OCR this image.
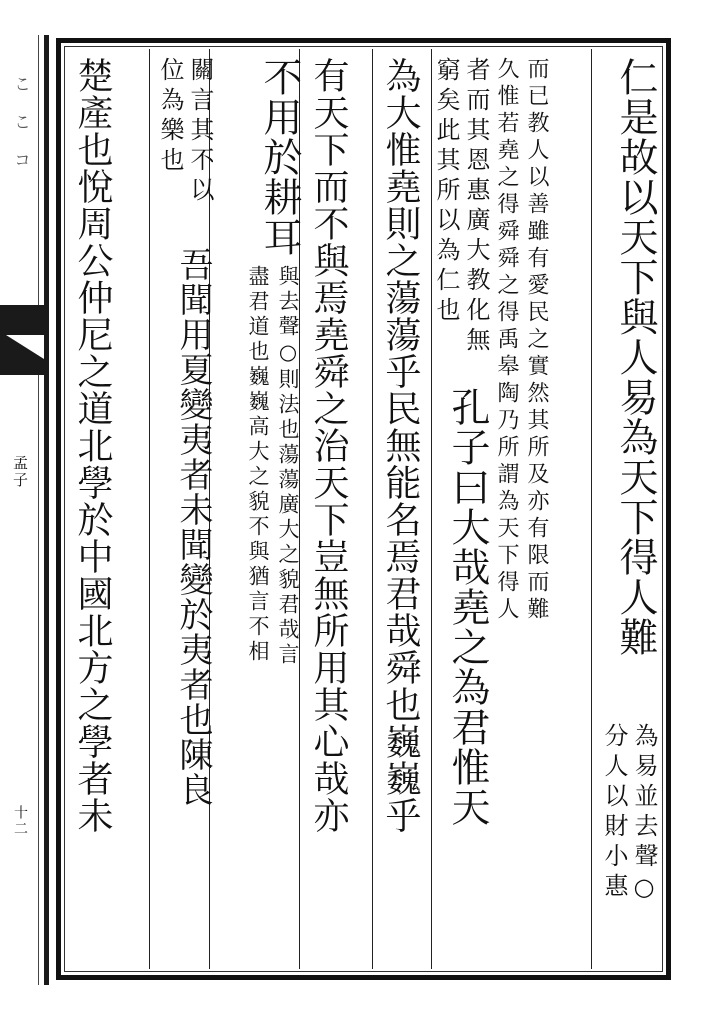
こ　こ　コ
孟子
十二
仁是故以天下與人易為天下得人難
為易並去聲○
分人以財小惠
而已教人以善雖有愛民之實然其所及亦有限而難
久惟若堯之得舜舜之得禹皋陶乃所謂為天下得人
者而其恩惠廣大教化無
窮矣此其所以為仁也
孔子曰大哉堯之為君惟天
為大惟堯則之蕩蕩乎民無能名焉君哉舜也巍巍乎
有天下而不與焉堯舜之治天下豈無所用其心哉亦
不用於耕耳
與去聲○則法也蕩蕩廣大之貌君哉言
盡君道也巍巍高大之貌不與猶言不相
關言其不以
位為樂也
吾聞用夏變夷者未聞變於夷者也陳良
楚產也悅周公仲尼之道北學於中國北方之學者未
